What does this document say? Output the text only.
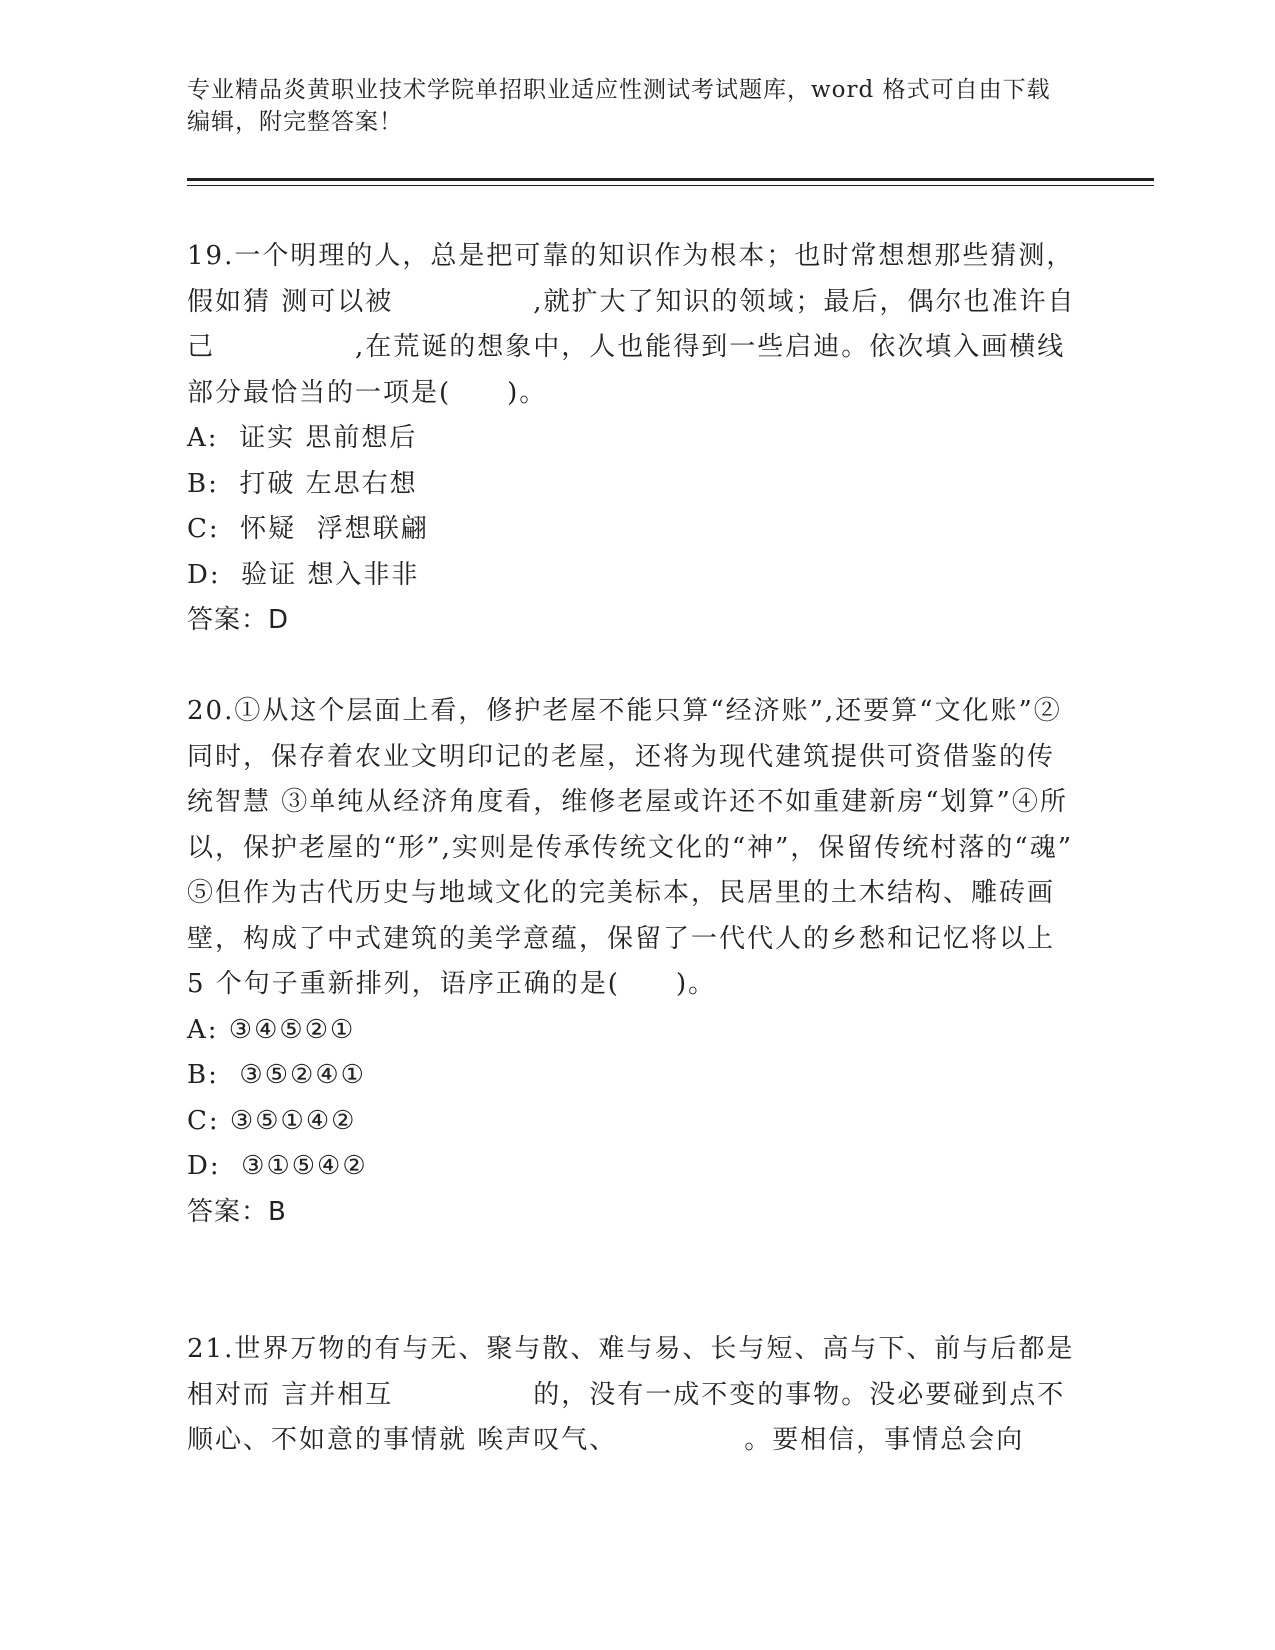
专业精品炎黄职业技术学院单招职业适应性测试考试题库，word 格式可自由下载
编辑，附完整答案！

19.一个明理的人，总是把可靠的知识作为根本；也时常想想那些猜测，假如猜 测可以被　　　　　,就扩大了知识的领域；最后，偶尔也准许自己　　　　　,在荒诞的想象中，人也能得到一些启迪。依次填入画横线部分最恰当的一项是(　　)。

A:  证实 思前想后

B:  打破 左思右想

C:  怀疑  浮想联翩

D:  验证 想入非非

答案：D

20.①从这个层面上看，修护老屋不能只算“经济账”,还要算“文化账”②同时，保存着农业文明印记的老屋，还将为现代建筑提供可资借鉴的传统智慧 ③单纯从经济角度看，维修老屋或许还不如重建新房“划算”④所以，保护老屋的“形”,实则是传承传统文化的“神”，保留传统村落的“魂” ⑤但作为古代历史与地域文化的完美标本，民居里的土木结构、雕砖画壁，构成了中式建筑的美学意蕴，保留了一代代人的乡愁和记忆将以上 5 个句子重新排列，语序正确的是(　　)。

A: ③④⑤②①

B:  ③⑤②④①

C: ③⑤①④②

D:  ③①⑤④②

答案：B

21.世界万物的有与无、聚与散、难与易、长与短、高与下、前与后都是相对而 言并相互　　　　　的，没有一成不变的事物。没必要碰到点不顺心、不如意的事情就 唉声叹气、　　　　　。要相信，事情总会向
